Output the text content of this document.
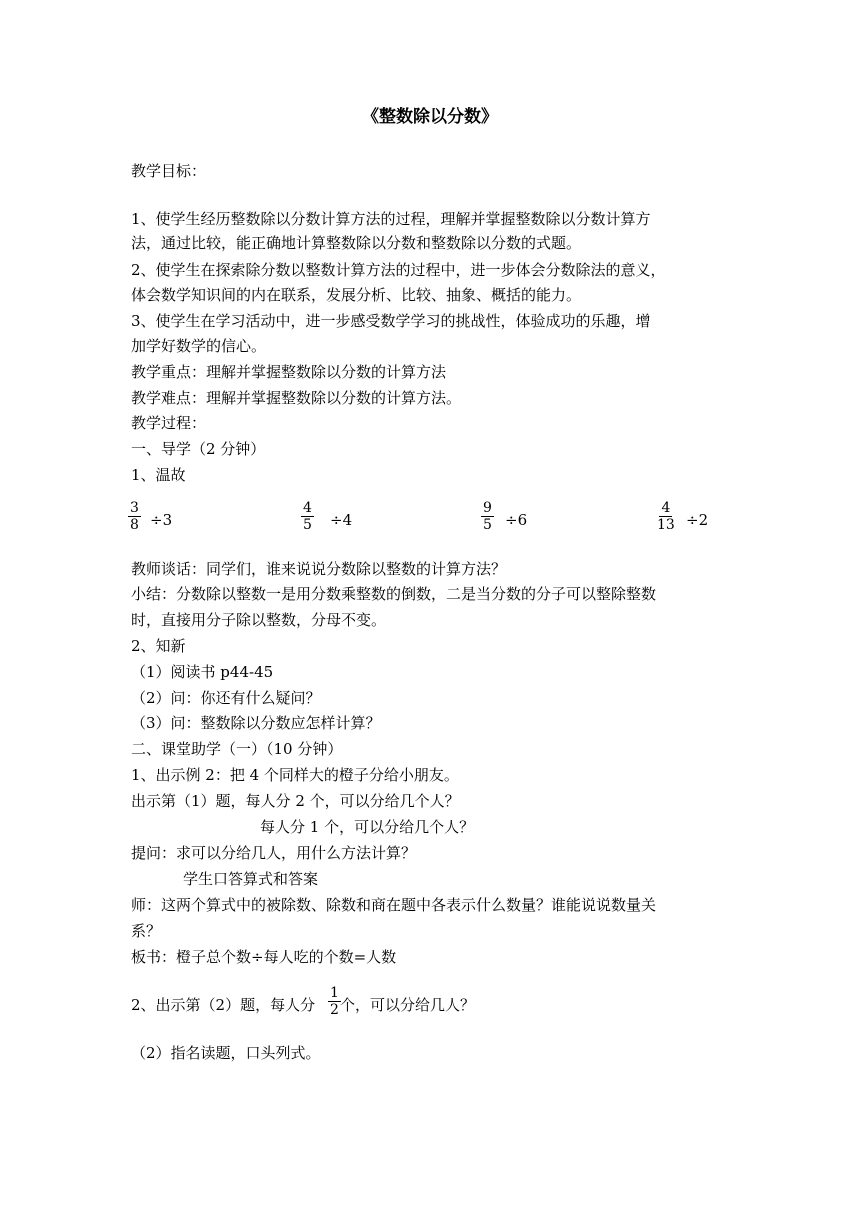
《整数除以分数》
教学目标：
1、使学生经历整数除以分数计算方法的过程，理解并掌握整数除以分数计算方
法，通过比较，能正确地计算整数除以分数和整数除以分数的式题。
2、使学生在探索除分数以整数计算方法的过程中，进一步体会分数除法的意义，
体会数学知识间的内在联系，发展分析、比较、抽象、概括的能力。
3、使学生在学习活动中，进一步感受数学学习的挑战性，体验成功的乐趣，增
加学好数学的信心。
教学重点：理解并掌握整数除以分数的计算方法
教学难点：理解并掌握整数除以分数的计算方法。
教学过程：
一、导学（2 分钟）
1、温故
$\frac{3}{8} \div 3$	$\frac{4}{5} \div 4$	$\frac{9}{5} \div 6$	$\frac{4}{13} \div 2$
教师谈话：同学们，谁来说说分数除以整数的计算方法？
小结：分数除以整数一是用分数乘整数的倒数，二是当分数的分子可以整除整数
时，直接用分子除以整数，分母不变。
2、知新
（1）阅读书 p44-45
（2）问：你还有什么疑问？
（3）问：整数除以分数应怎样计算？
二、课堂助学（一）（10 分钟）
1、出示例 2：把 4 个同样大的橙子分给小朋友。
出示第（1）题，每人分 2 个，可以分给几个人？
每人分 1 个，可以分给几个人？
提问：求可以分给几人，用什么方法计算？
学生口答算式和答案
师：这两个算式中的被除数、除数和商在题中各表示什么数量？谁能说说数量关
系？
板书：橙子总个数÷每人吃的个数=人数
2、出示第（2）题，每人分 $\frac{1}{2}$ 个，可以分给几人？
（2）指名读题，口头列式。
